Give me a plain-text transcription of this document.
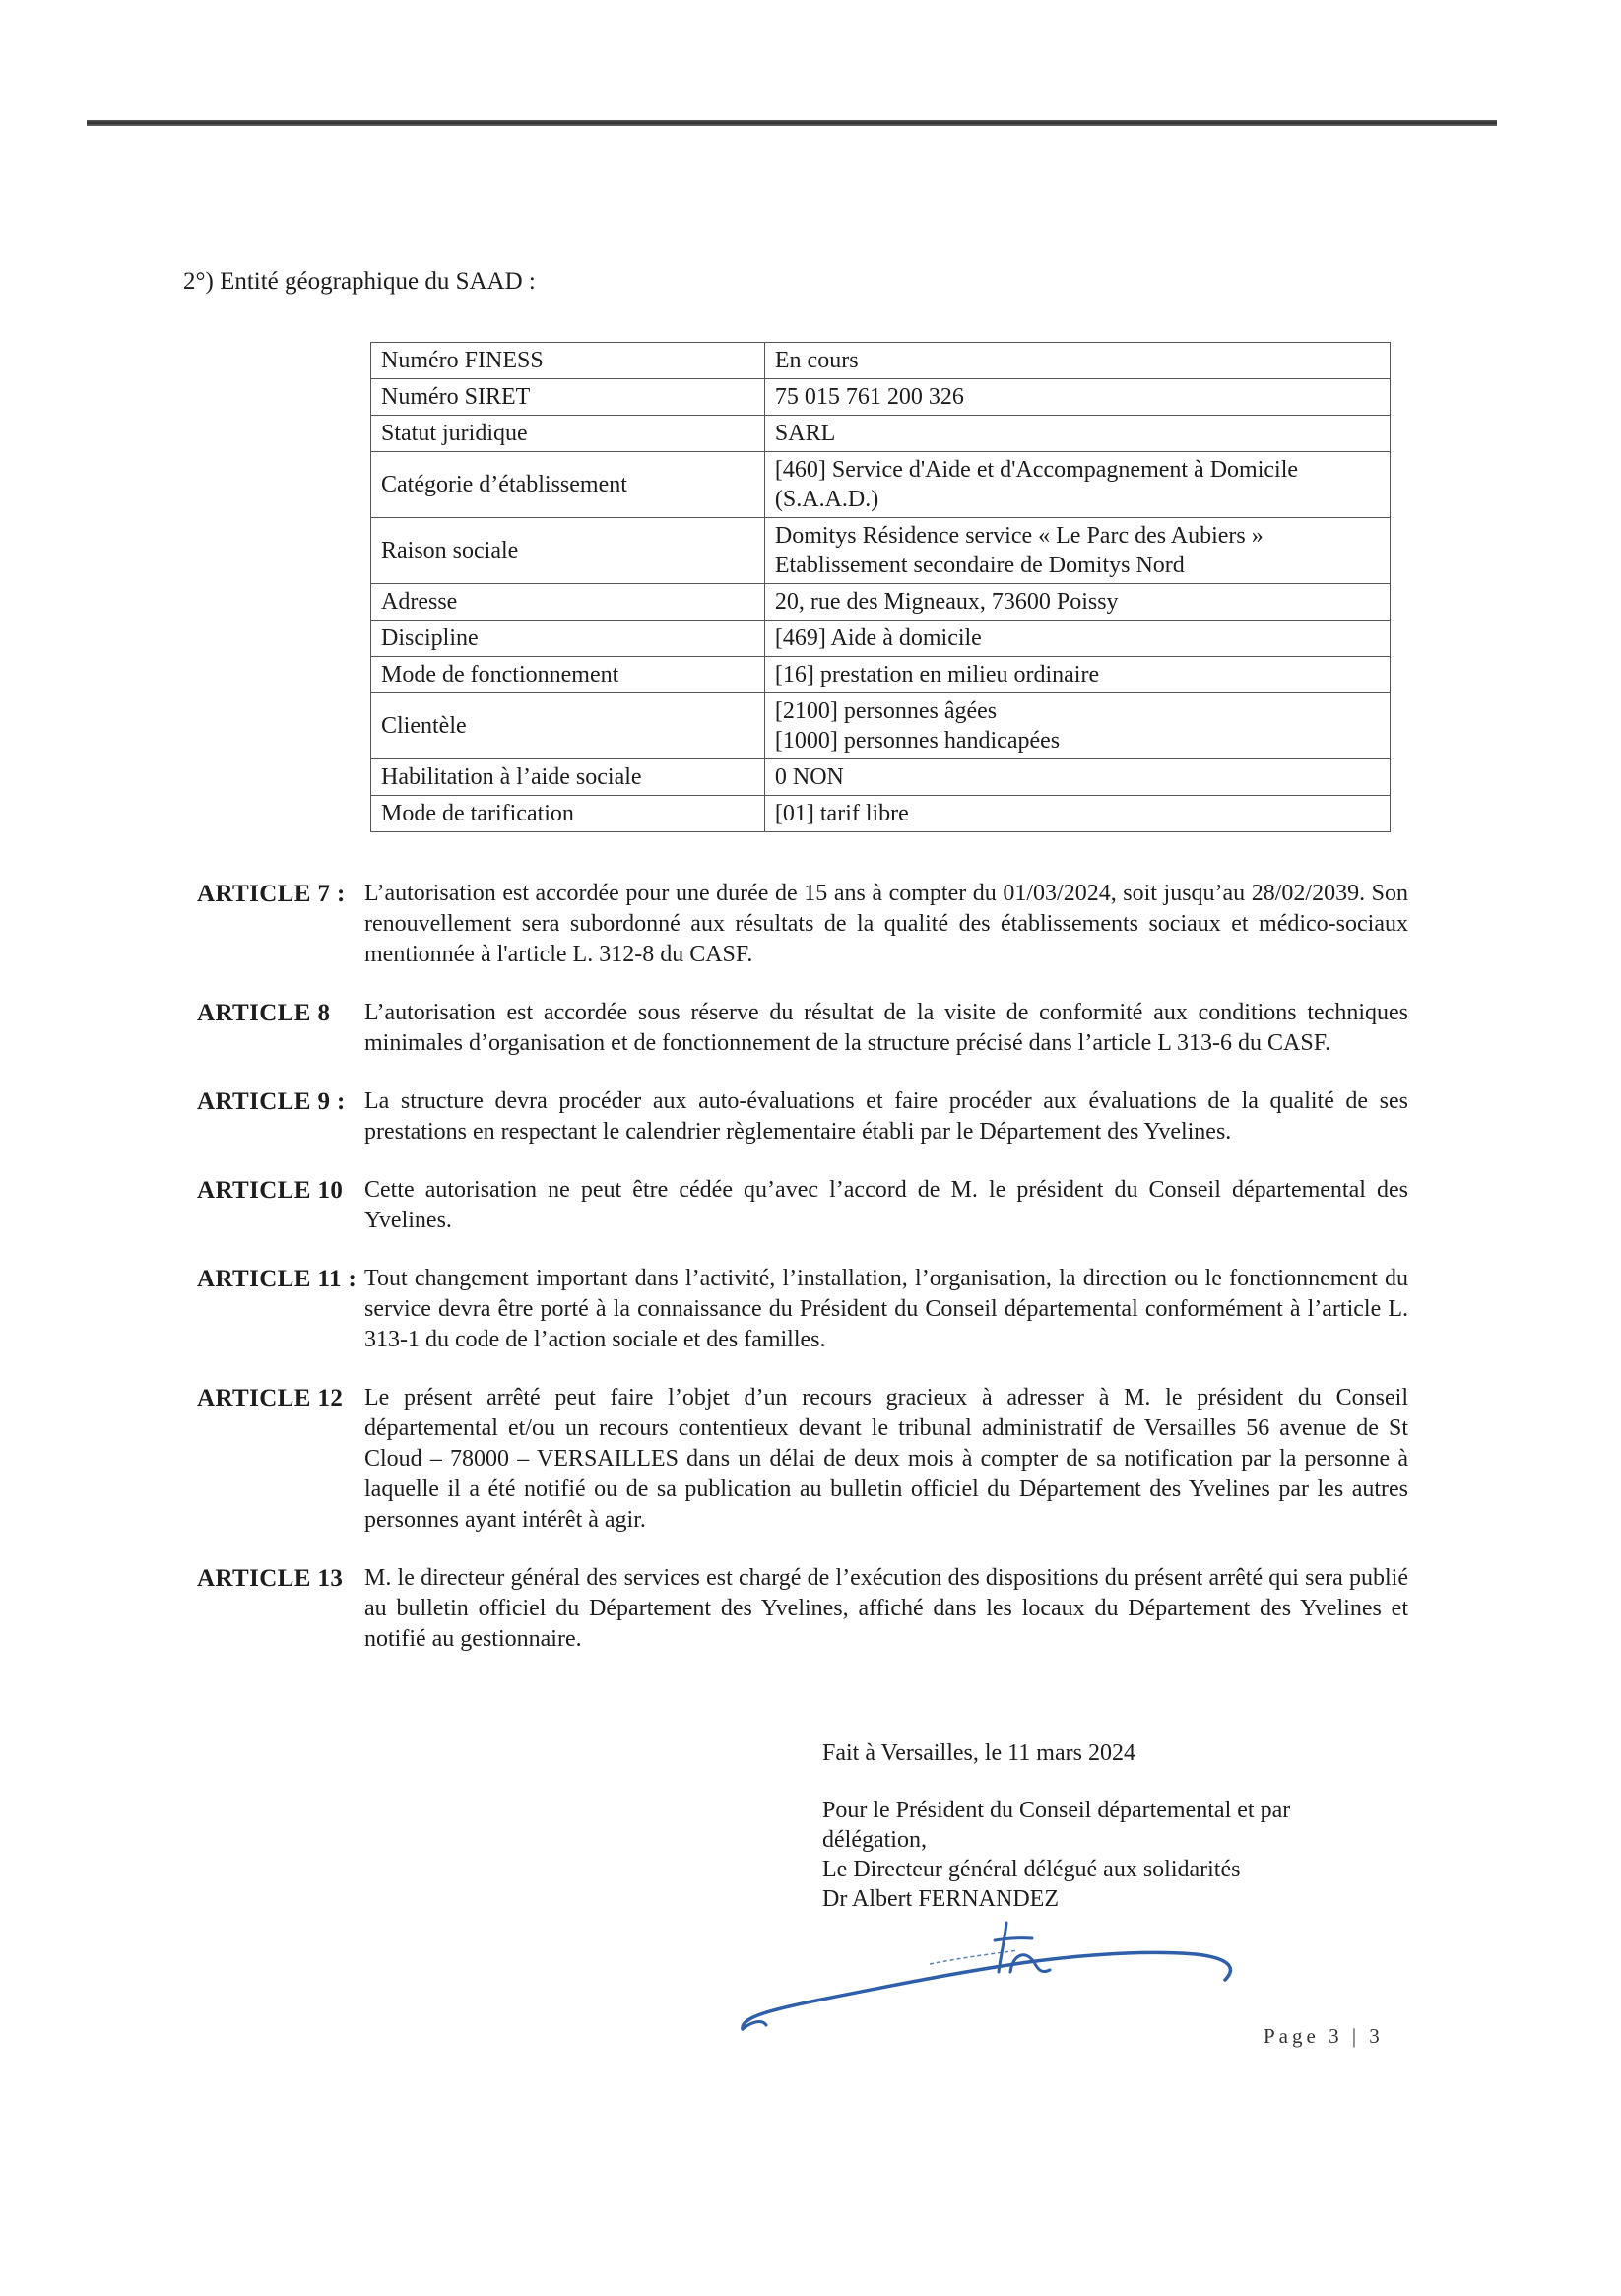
2°) Entité géographique du SAAD :
Numéro FINESS	En cours

Numéro SIRET	75 015 761 200 326

Statut juridique	SARL

Catégorie d’établissement	[460] Service d'Aide et d'Accompagnement à Domicile
(S.A.A.D.)

Raison sociale	Domitys Résidence service « Le Parc des Aubiers »
Etablissement secondaire de Domitys Nord

Adresse	20, rue des Migneaux, 73600 Poissy

Discipline	[469] Aide à domicile

Mode de fonctionnement	[16] prestation en milieu ordinaire

Clientèle	[2100] personnes âgées
[1000] personnes handicapées

Habilitation à l’aide sociale	0 NON

Mode de tarification	[01] tarif libre
ARTICLE 7 : L’autorisation est accordée pour une durée de 15 ans à compter du 01/03/2024, soit jusqu’au 28/02/2039. Son renouvellement sera subordonné aux résultats de la qualité des établissements sociaux et médico-sociaux mentionnée à l'article L. 312-8 du CASF.
ARTICLE 8	L’autorisation est accordée sous réserve du résultat de la visite de conformité aux conditions techniques minimales d’organisation et de fonctionnement de la structure précisé dans l’article L 313-6 du CASF.
ARTICLE 9 : La structure devra procéder aux auto-évaluations et faire procéder aux évaluations de la qualité de ses prestations en respectant le calendrier règlementaire établi par le Département des Yvelines.
ARTICLE 10 Cette autorisation ne peut être cédée qu’avec l’accord de M. le président du Conseil départemental des Yvelines.
ARTICLE 11 : Tout changement important dans l’activité, l’installation, l’organisation, la direction ou le fonctionnement du service devra être porté à la connaissance du Président du Conseil départemental conformément à l’article L. 313-1 du code de l’action sociale et des familles.
ARTICLE 12 Le présent arrêté peut faire l’objet d’un recours gracieux à adresser à M. le président du Conseil départemental et/ou un recours contentieux devant le tribunal administratif de Versailles 56 avenue de St Cloud – 78000 – VERSAILLES dans un délai de deux mois à compter de sa notification par la personne à laquelle il a été notifié ou de sa publication au bulletin officiel du Département des Yvelines par les autres personnes ayant intérêt à agir.
ARTICLE 13 M. le directeur général des services est chargé de l’exécution des dispositions du présent arrêté qui sera publié au bulletin officiel du Département des Yvelines, affiché dans les locaux du Département des Yvelines et notifié au gestionnaire.

Fait à Versailles, le 11 mars 2024

Pour le Président du Conseil départemental et par

délégation,

Le Directeur général délégué aux solidarités

Dr Albert FERNANDEZ

Page 3 | 3
